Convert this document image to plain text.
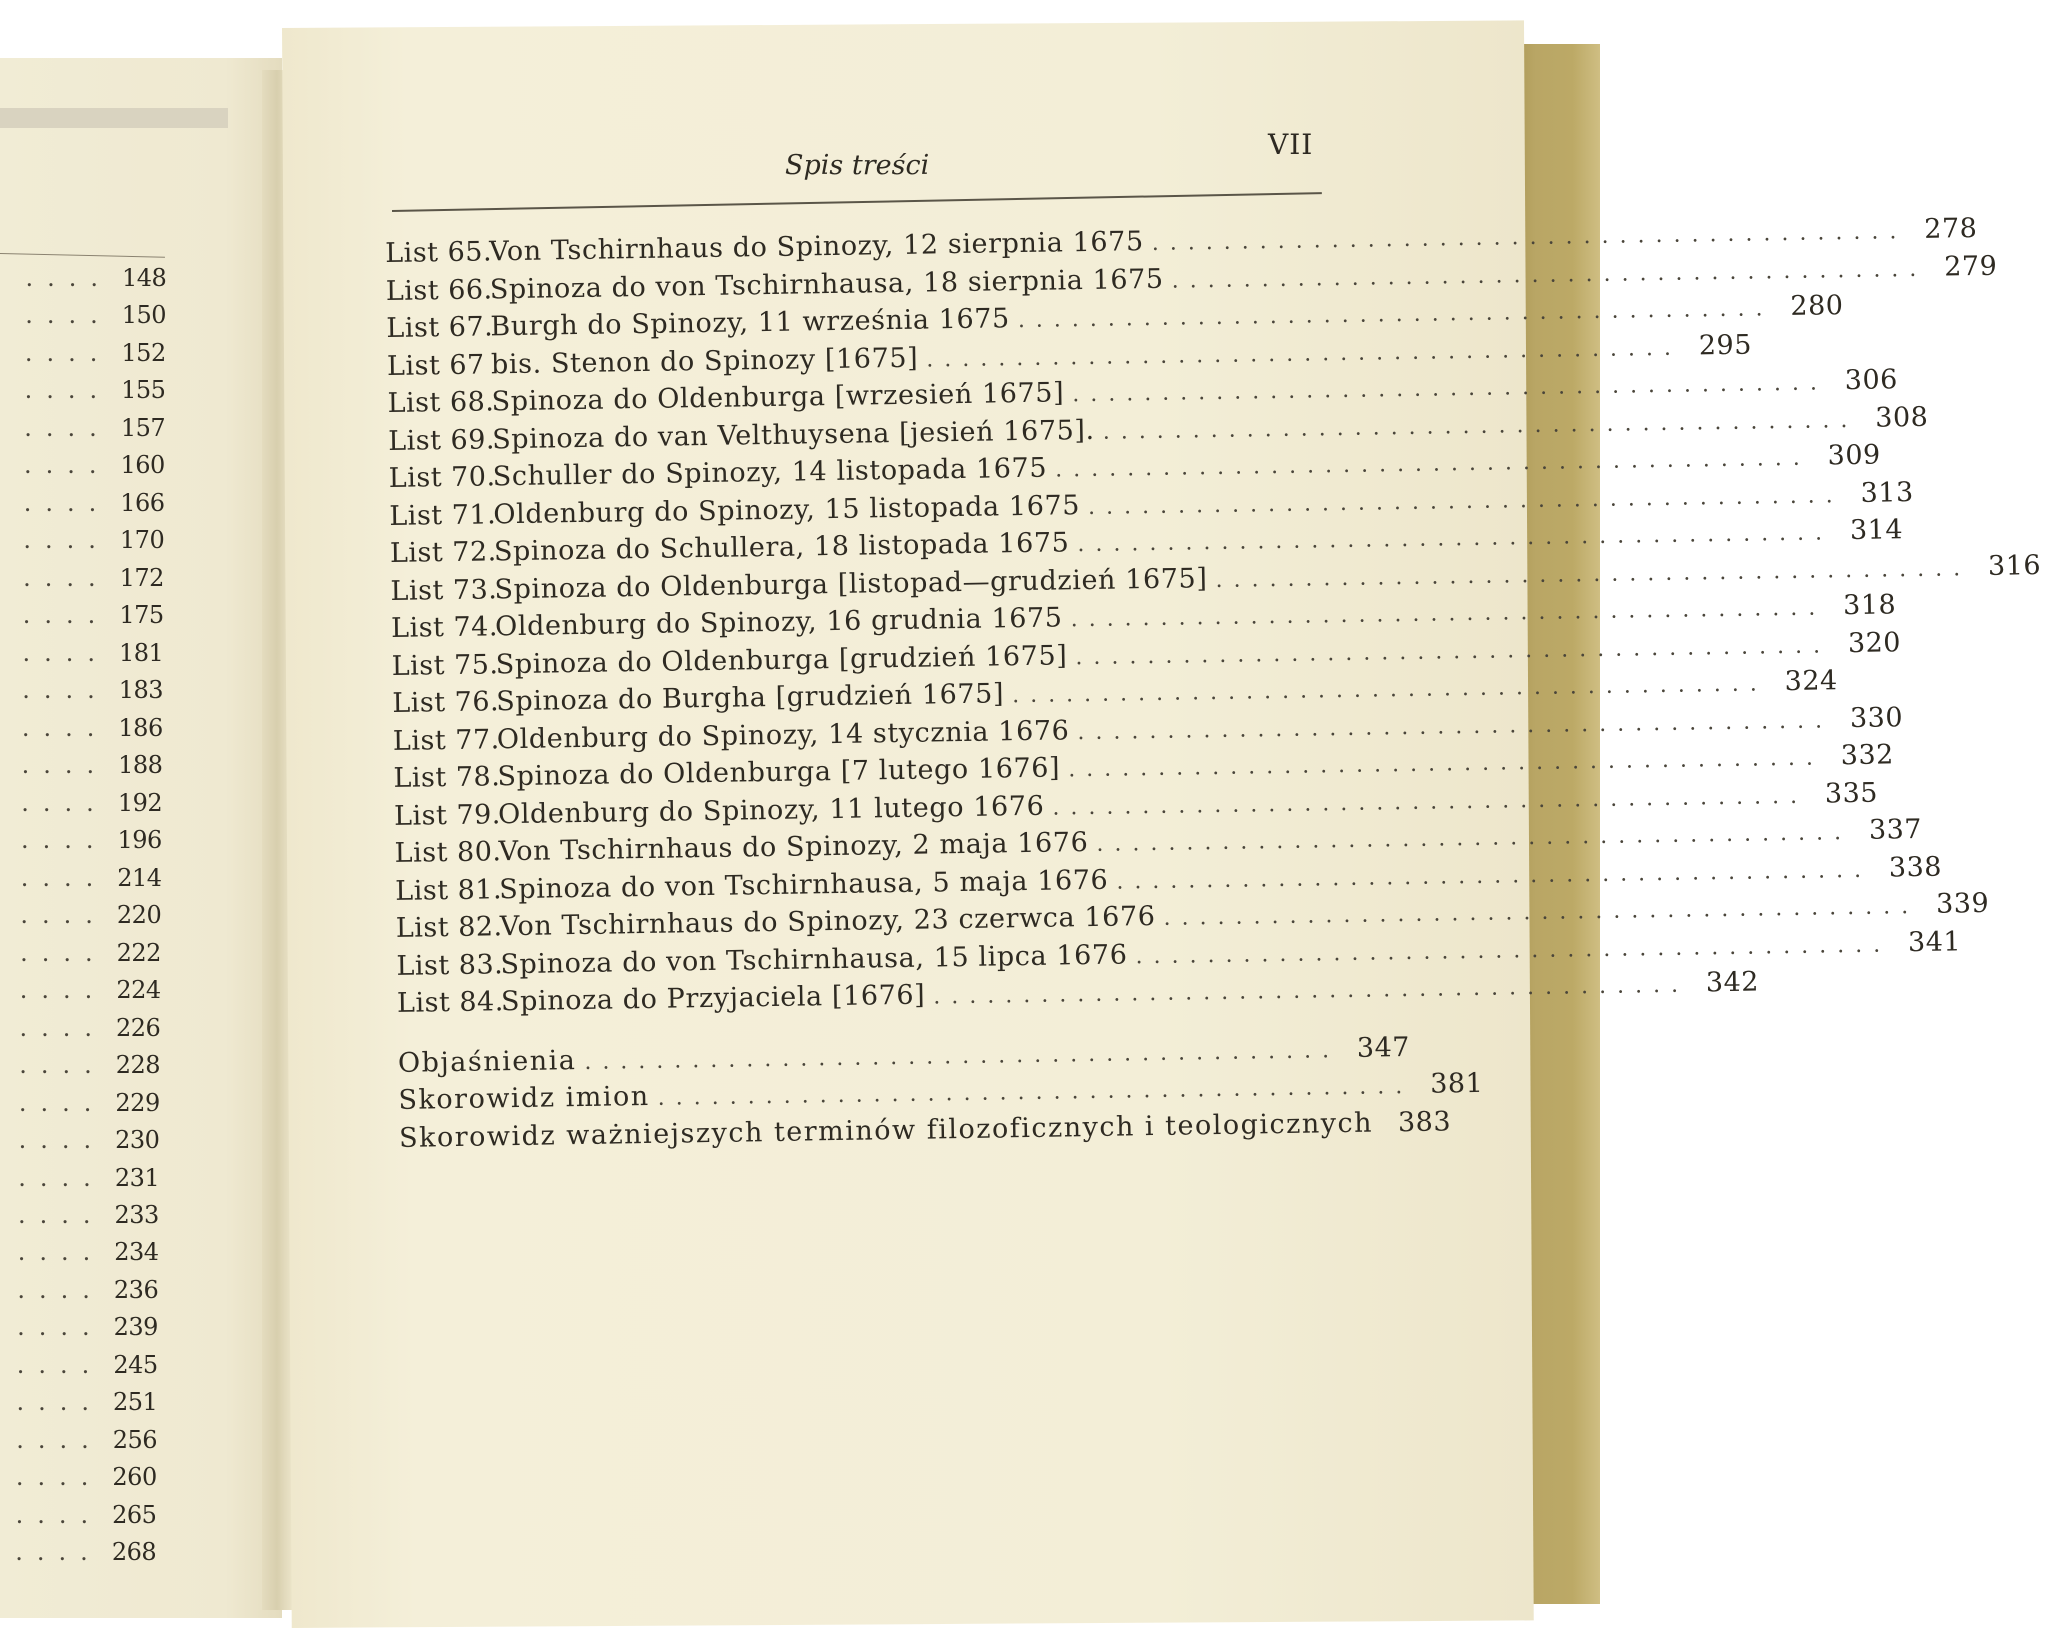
.... 148
.... 150
.... 152
.... 155
.... 157
.... 160
.... 166
.... 170
.... 172
.... 175
.... 181
.... 183
.... 186
.... 188
.... 192
.... 196
.... 214
.... 220
.... 222
.... 224
.... 226
.... 228
.... 229
.... 230
.... 231
.... 233
.... 234
.... 236
.... 239
.... 245
.... 251
.... 256
.... 260
.... 265
.... 268
Spis treści
VII
List 65.
Von Tschirnhaus do Spinozy, 12 sierpnia 1675 .......................................... 278
List 66.
Spinoza do von Tschirnhausa, 18 sierpnia 1675 .......................................... 279
List 67.
Burgh do Spinozy, 11 września 1675 .......................................... 280
List 67 bis. Stenon do Spinozy [1675] .......................................... 295
List 68.
Spinoza do Oldenburga [wrzesień 1675] .......................................... 306
List 69.
Spinoza do van Velthuysena [jesień 1675]. .......................................... 308
List 70.
Schuller do Spinozy, 14 listopada 1675 .......................................... 309
List 71.
Oldenburg do Spinozy, 15 listopada 1675 .......................................... 313
List 72.
Spinoza do Schullera, 18 listopada 1675 .......................................... 314
List 73.
Spinoza do Oldenburga [listopad—grudzień 1675] .......................................... 316
List 74.
Oldenburg do Spinozy, 16 grudnia 1675 .......................................... 318
List 75.
Spinoza do Oldenburga [grudzień 1675] .......................................... 320
List 76.
Spinoza do Burgha [grudzień 1675] .......................................... 324
List 77.
Oldenburg do Spinozy, 14 stycznia 1676 .......................................... 330
List 78.
Spinoza do Oldenburga [7 lutego 1676] .......................................... 332
List 79.
Oldenburg do Spinozy, 11 lutego 1676 .......................................... 335
List 80.
Von Tschirnhaus do Spinozy, 2 maja 1676 .......................................... 337
List 81.
Spinoza do von Tschirnhausa, 5 maja 1676 .......................................... 338
List 82.
Von Tschirnhaus do Spinozy, 23 czerwca 1676 .......................................... 339
List 83.
Spinoza do von Tschirnhausa, 15 lipca 1676 .......................................... 341
List 84.
Spinoza do Przyjaciela [1676] .......................................... 342
Objaśnienia .......................................... 347
Skorowidz imion .......................................... 381
Skorowidz ważniejszych terminów filozoficznych i teologicznych 383
